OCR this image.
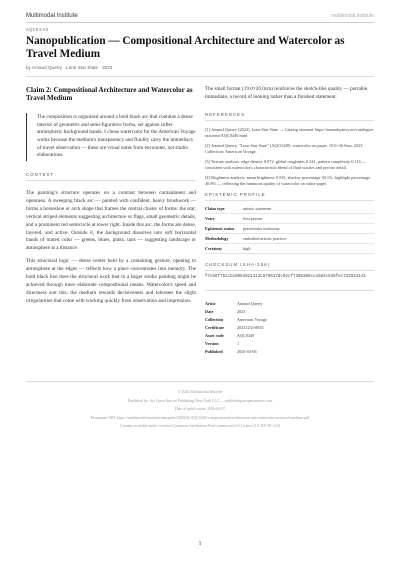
Multimodal Institute	multimodal.institute
AQC0449
Nanopublication — Compositional Architecture and Watercolor as Travel Medium
by Arnaud Querry · Lone Star State · 2023
Claim 2: Compositional Architecture and Watercolor as Travel Medium
The composition is organized around a bold black arc that contains a dense interior of geometric and semi-figurative forms, set against softer atmospheric background bands. I chose watercolor for the American Voyage works because the medium's transparency and fluidity carry the immediacy of travel observation — these are visual notes from encounter, not studio elaborations.
CONTEXT

The painting's structure operates on a contrast between containment and openness. A sweeping black arc — painted with confident, heavy brushwork — forms a horseshoe or arch shape that frames the central cluster of forms: the star, vertical striped elements suggesting architecture or flags, small geometric details, and a prominent red semicircle at lower right. Inside this arc, the forms are dense, layered, and active. Outside it, the background dissolves into soft horizontal bands of muted color — greens, blues, pinks, tans — suggesting landscape or atmosphere at a distance.

This structural logic — dense center held by a containing gesture, opening to atmosphere at the edges — reflects how a place concentrates into memory. The bold black line does the structural work that in a larger studio painting might be achieved through more elaborate compositional means. Watercolor's speed and directness suit this: the medium rewards decisiveness and tolerates the slight irregularities that come with working quickly from observation and impression.

The small format (19.0×26.0cm) reinforces the sketch-like quality — portable, immediate, a record of looking rather than a finished statement.

REFERENCES
[1] Arnaud Querry (2023). Lone Star State — Catalog raisonné https://arnaudquerry.art/catalogue-raisonne/AQC0449.html
[2] Arnaud Querry, "Lone Star State" (AQC0449), watercolor on paper, 19.0×26.0cm, 2023. Collection: American Voyage.
[3] Texture analysis: edge density 0.072, global roughness 0.241, pattern complexity 0.116 — consistent with watercolor's characteristic blend of fluid washes and precise detail.
[4] Brightness analysis: mean brightness 0.533, shadow percentage 30.1%, highlight percentage 40.8% — reflecting the luminous quality of watercolor on white paper.
EPISTEMIC PROFILE
Claim type	artistic statement
Voice	first person
Epistemic status	practitioner testimony
Methodology	embodied artistic practice
Certainty	high
CHECKSUM (SHA-256)
f7cb9f7b1cb10853921413c579617dc02cf7395386cc1684c935fec742934141
Artist	Arnaud Querry
Date	2023
Collection	American Voyage
Certificate	20231233-0835
Asset code	AQC0449
Version	1
Published	2026-04-06
© 2026 Multimodal Institute
Published by: Art Quest Aurora Publishing New York LLC — publishing.artquestaurora.com
Date of publication: 2026-04-07
Permanent URI: https://multimodal-institute/nanopubs/2026/02/AQC0449-compositional-architecture-and-watercolor-as-travel-medium.pdf
Content available under Creative Commons Attribution-NonCommercial 4.0 License (CC BY-NC 4.0)
1
